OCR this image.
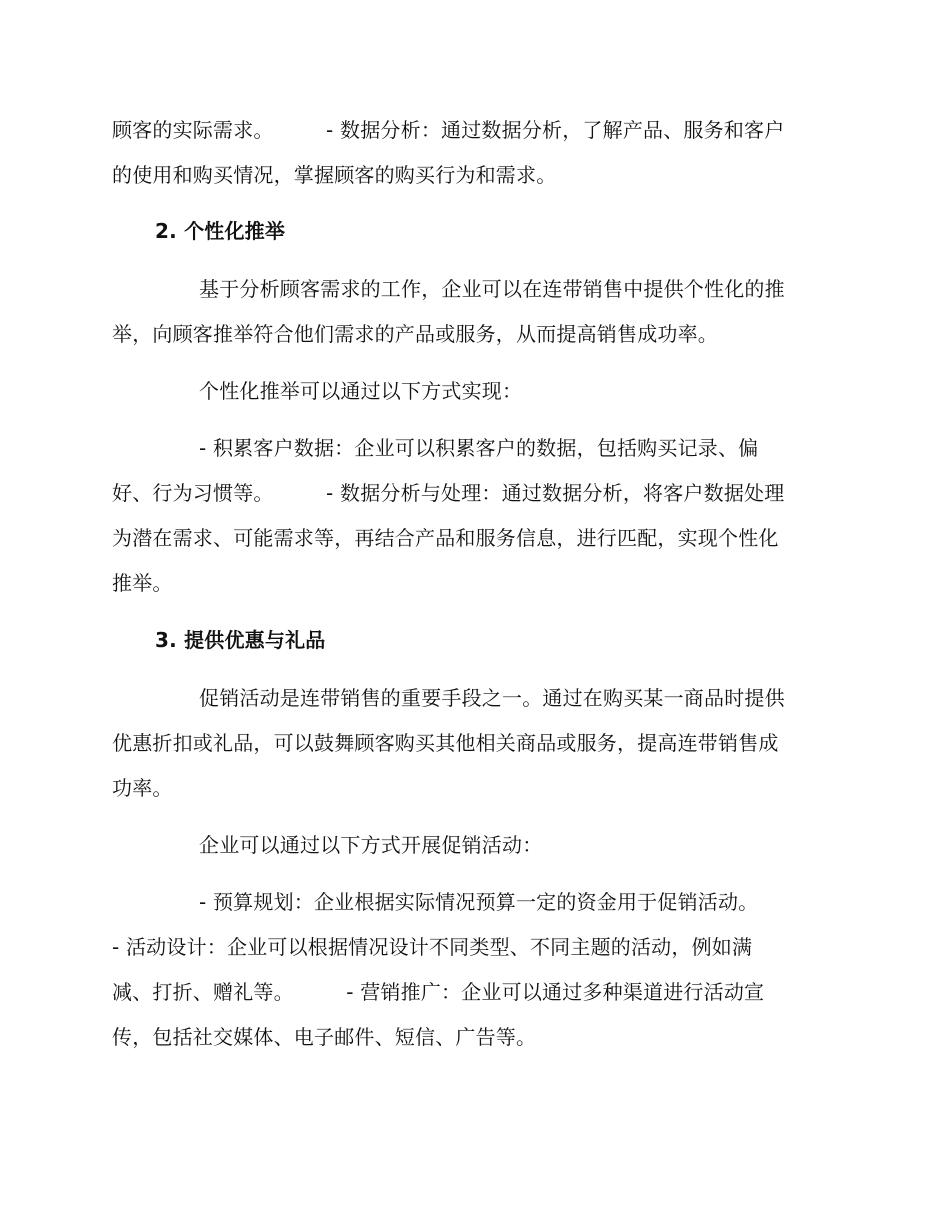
顾客的实际需求。        - 数据分析：通过数据分析，了解产品、服务和客户
的使用和购买情况，掌握顾客的购买行为和需求。
2. 个性化推举
基于分析顾客需求的工作，企业可以在连带销售中提供个性化的推
举，向顾客推举符合他们需求的产品或服务，从而提高销售成功率。
个性化推举可以通过以下方式实现：
- 积累客户数据：企业可以积累客户的数据，包括购买记录、偏
好、行为习惯等。        - 数据分析与处理：通过数据分析，将客户数据处理
为潜在需求、可能需求等，再结合产品和服务信息，进行匹配，实现个性化
推举。
3. 提供优惠与礼品
促销活动是连带销售的重要手段之一。通过在购买某一商品时提供
优惠折扣或礼品，可以鼓舞顾客购买其他相关商品或服务，提高连带销售成
功率。
企业可以通过以下方式开展促销活动：
- 预算规划：企业根据实际情况预算一定的资金用于促销活动。
- 活动设计：企业可以根据情况设计不同类型、不同主题的活动，例如满
减、打折、赠礼等。        - 营销推广：企业可以通过多种渠道进行活动宣
传，包括社交媒体、电子邮件、短信、广告等。
